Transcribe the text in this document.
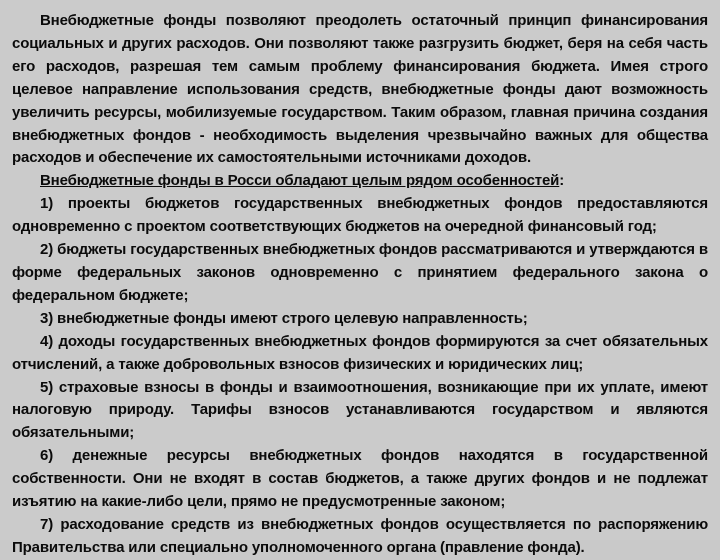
Внебюджетные фонды позволяют преодолеть остаточный принцип финансирования социальных и других расходов. Они позволяют также разгрузить бюджет, беря на себя часть его расходов, разрешая тем самым проблему финансирования бюджета. Имея строго целевое направление использования средств, внебюджетные фонды дают возможность увеличить ресурсы, мобилизуемые государством. Таким образом, главная причина создания внебюджетных фондов - необходимость выделения чрезвычайно важных для общества расходов и обеспечение их самостоятельными источниками доходов.

Внебюджетные фонды в Росси обладают целым рядом особенностей:

1) проекты бюджетов государственных внебюджетных фондов предоставляются одновременно с проектом соответствующих бюджетов на очередной финансовый год;

2) бюджеты государственных внебюджетных фондов рассматриваются и утверждаются в форме федеральных законов одновременно с принятием федерального закона о федеральном бюджете;

3) внебюджетные фонды имеют строго целевую направленность;

4) доходы государственных внебюджетных фондов формируются за счет обязательных отчислений, а также добровольных взносов физических и юридических лиц;

5) страховые взносы в фонды и взаимоотношения, возникающие при их уплате, имеют налоговую природу. Тарифы взносов устанавливаются государством и являются обязательными;

6) денежные ресурсы внебюджетных фондов находятся в государственной собственности. Они не входят в состав бюджетов, а также других фондов и не подлежат изъятию на какие-либо цели, прямо не предусмотренные законом;

7) расходование средств из внебюджетных фондов осуществляется по распоряжению Правительства или специально уполномоченного органа (правление фонда).
